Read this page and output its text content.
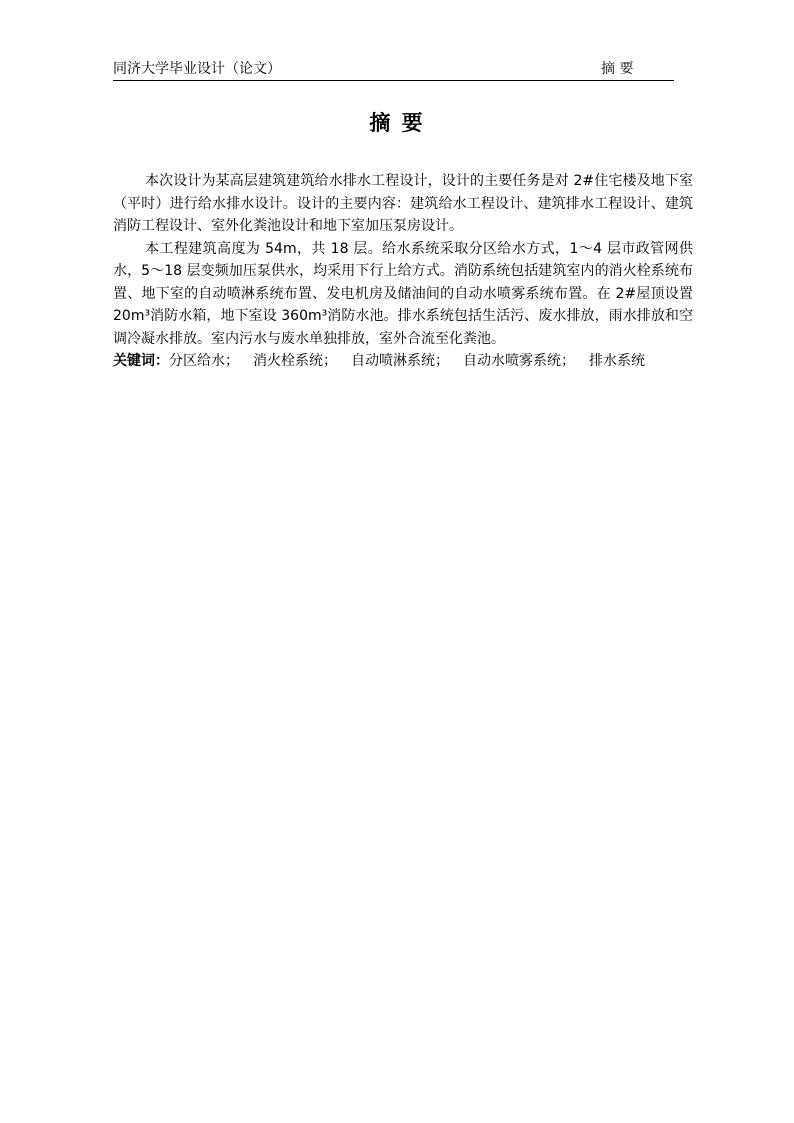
同济大学毕业设计（论文）	摘 要
摘 要

本次设计为某高层建筑建筑给水排水工程设计，设计的主要任务是对 2#住宅楼及地下室（平时）进行给水排水设计。设计的主要内容：建筑给水工程设计、建筑排水工程设计、建筑消防工程设计、室外化粪池设计和地下室加压泵房设计。

本工程建筑高度为 54m，共 18 层。给水系统采取分区给水方式，1～4 层市政管网供水，5～18 层变频加压泵供水，均采用下行上给方式。消防系统包括建筑室内的消火栓系统布置、地下室的自动喷淋系统布置、发电机房及储油间的自动水喷雾系统布置。在 2#屋顶设置 20m³消防水箱，地下室设 360m³消防水池。排水系统包括生活污、废水排放，雨水排放和空调冷凝水排放。室内污水与废水单独排放，室外合流至化粪池。

关键词：分区给水； 消火栓系统； 自动喷淋系统； 自动水喷雾系统； 排水系统
